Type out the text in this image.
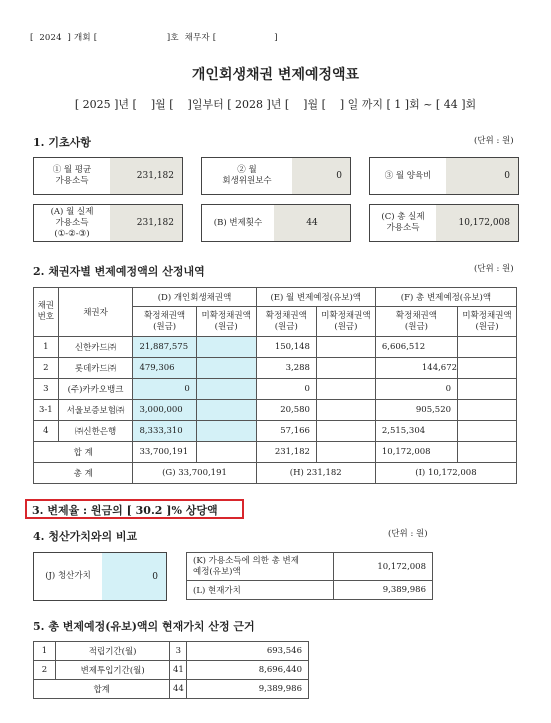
[  2024  ] 개회 [                        ]호  채무자 [                    ]
개인회생채권 변제예정액표
[ 2025 ]년 [    ]월 [    ]일부터 [ 2028 ]년 [    ]월 [    ] 일 까지 [ 1 ]회 ~ [ 44 ]회
1. 기초사항	(단위 : 원)
① 월 평균
가용소득	231,182
② 월
회생위원보수	0	③ 월 양육비	0
(A) 월 실제
가용소득
(①-②-③)
231,182	(B) 변제횟수	44
(C) 총 실제
가용소득	10,172,008
2. 채권자별 변제예정액의 산정내역	(단위 : 원)
채권
번호	채권자	(D) 개인회생채권액		(E) 월 변제예정(유보)액		(F) 총 변제예정(유보)액	
		확정채권액
(원금)	미확정채권액
(원금)	확정채권액
(원금)	미확정채권액
(원금)	확정채권액
(원금)	미확정채권액
(원금)
1	신한카드㈜	21,887,575		150,148		6,606,512	
2	롯데카드㈜	479,306		3,288		144,672	
3	(주)카카오뱅크	0		0		0	
3-1	서울보증보험㈜	3,000,000		20,580		905,520	
4	㈜신한은행	8,333,310		57,166		2,515,304	
합 계		33,700,191		231,182		10,172,008	
총 계		(G) 33,700,191		(H) 231,182		(I) 10,172,008	
3. 변제율 : 원금의 [ 30.2 ]% 상당액
4. 청산가치와의 비교	(단위 : 원)
(J) 청산가치	0
(K) 가용소득에 의한 총 변제
예정(유보)액	10,172,008
(L) 현재가치	9,389,986
5. 총 변제예정(유보)액의 현재가치 산정 근거
1	적립기간(월)	3	693,546
2	변제투입기간(월)	41	8,696,440
합계		44	9,389,986
